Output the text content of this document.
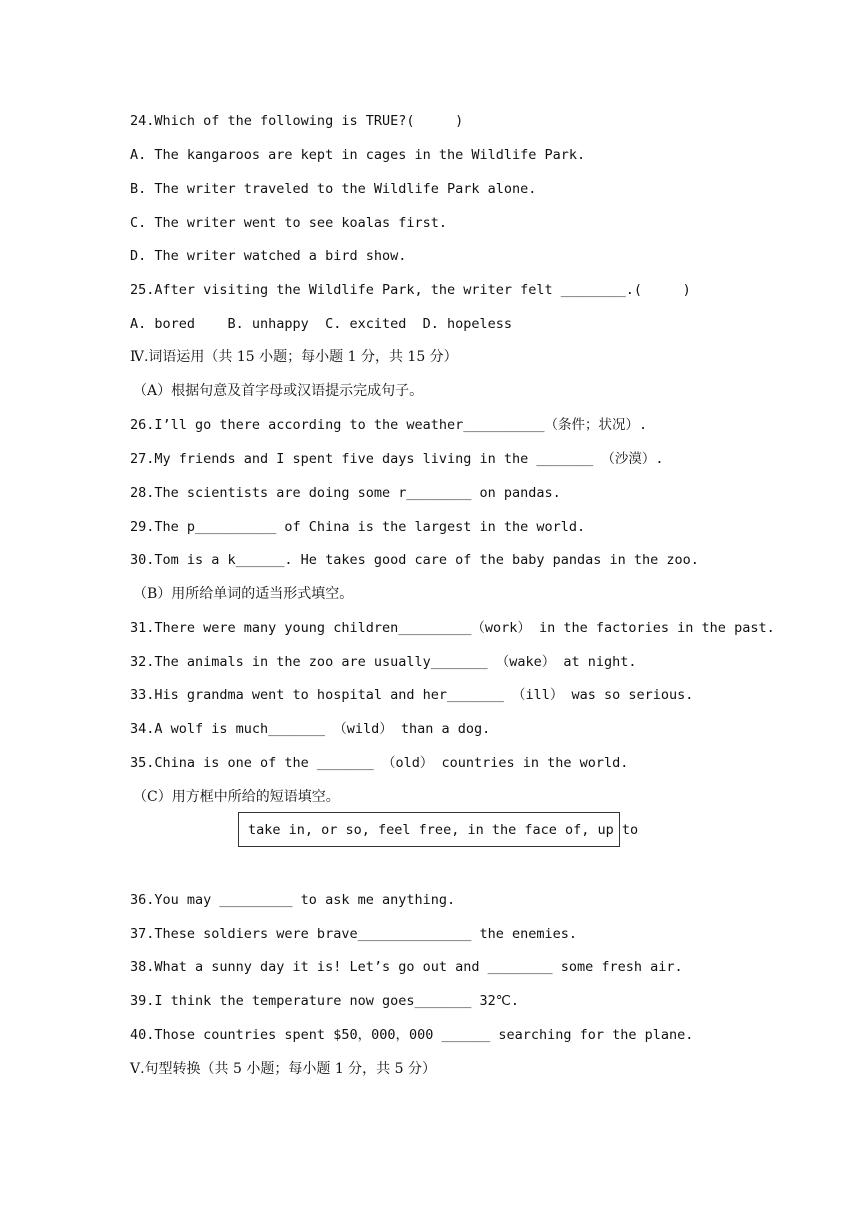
24.Which of the following is TRUE?(     )
A. The kangaroos are kept in cages in the Wildlife Park.
B. The writer traveled to the Wildlife Park alone.
C. The writer went to see koalas first.
D. The writer watched a bird show.
25.After visiting the Wildlife Park, the writer felt ________.(     )
A. bored    B. unhappy  C. excited  D. hopeless
Ⅳ.词语运用（共 15 小题；每小题 1 分，共 15 分）
（A）根据句意及首字母或汉语提示完成句子。
26.I’ll go there according to the weather__________（条件；状况）.
27.My friends and I spent five days living in the _______ （沙漠）.
28.The scientists are doing some r________ on pandas.
29.The p__________ of China is the largest in the world.
30.Tom is a k______. He takes good care of the baby pandas in the zoo.
（B）用所给单词的适当形式填空。
31.There were many young children_________（work） in the factories in the past.
32.The animals in the zoo are usually_______ （wake） at night.
33.His grandma went to hospital and her_______ （ill） was so serious.
34.A wolf is much_______ （wild） than a dog.
35.China is one of the _______ （old） countries in the world.
（C）用方框中所给的短语填空。
take in, or so, feel free, in the face of, up to
36.You may _________ to ask me anything.
37.These soldiers were brave______________ the enemies.
38.What a sunny day it is! Let’s go out and ________ some fresh air.
39.I think the temperature now goes_______ 32℃.
40.Those countries spent $50，000，000 ______ searching for the plane.
Ⅴ.句型转换（共 5 小题；每小题 1 分，共 5 分）
